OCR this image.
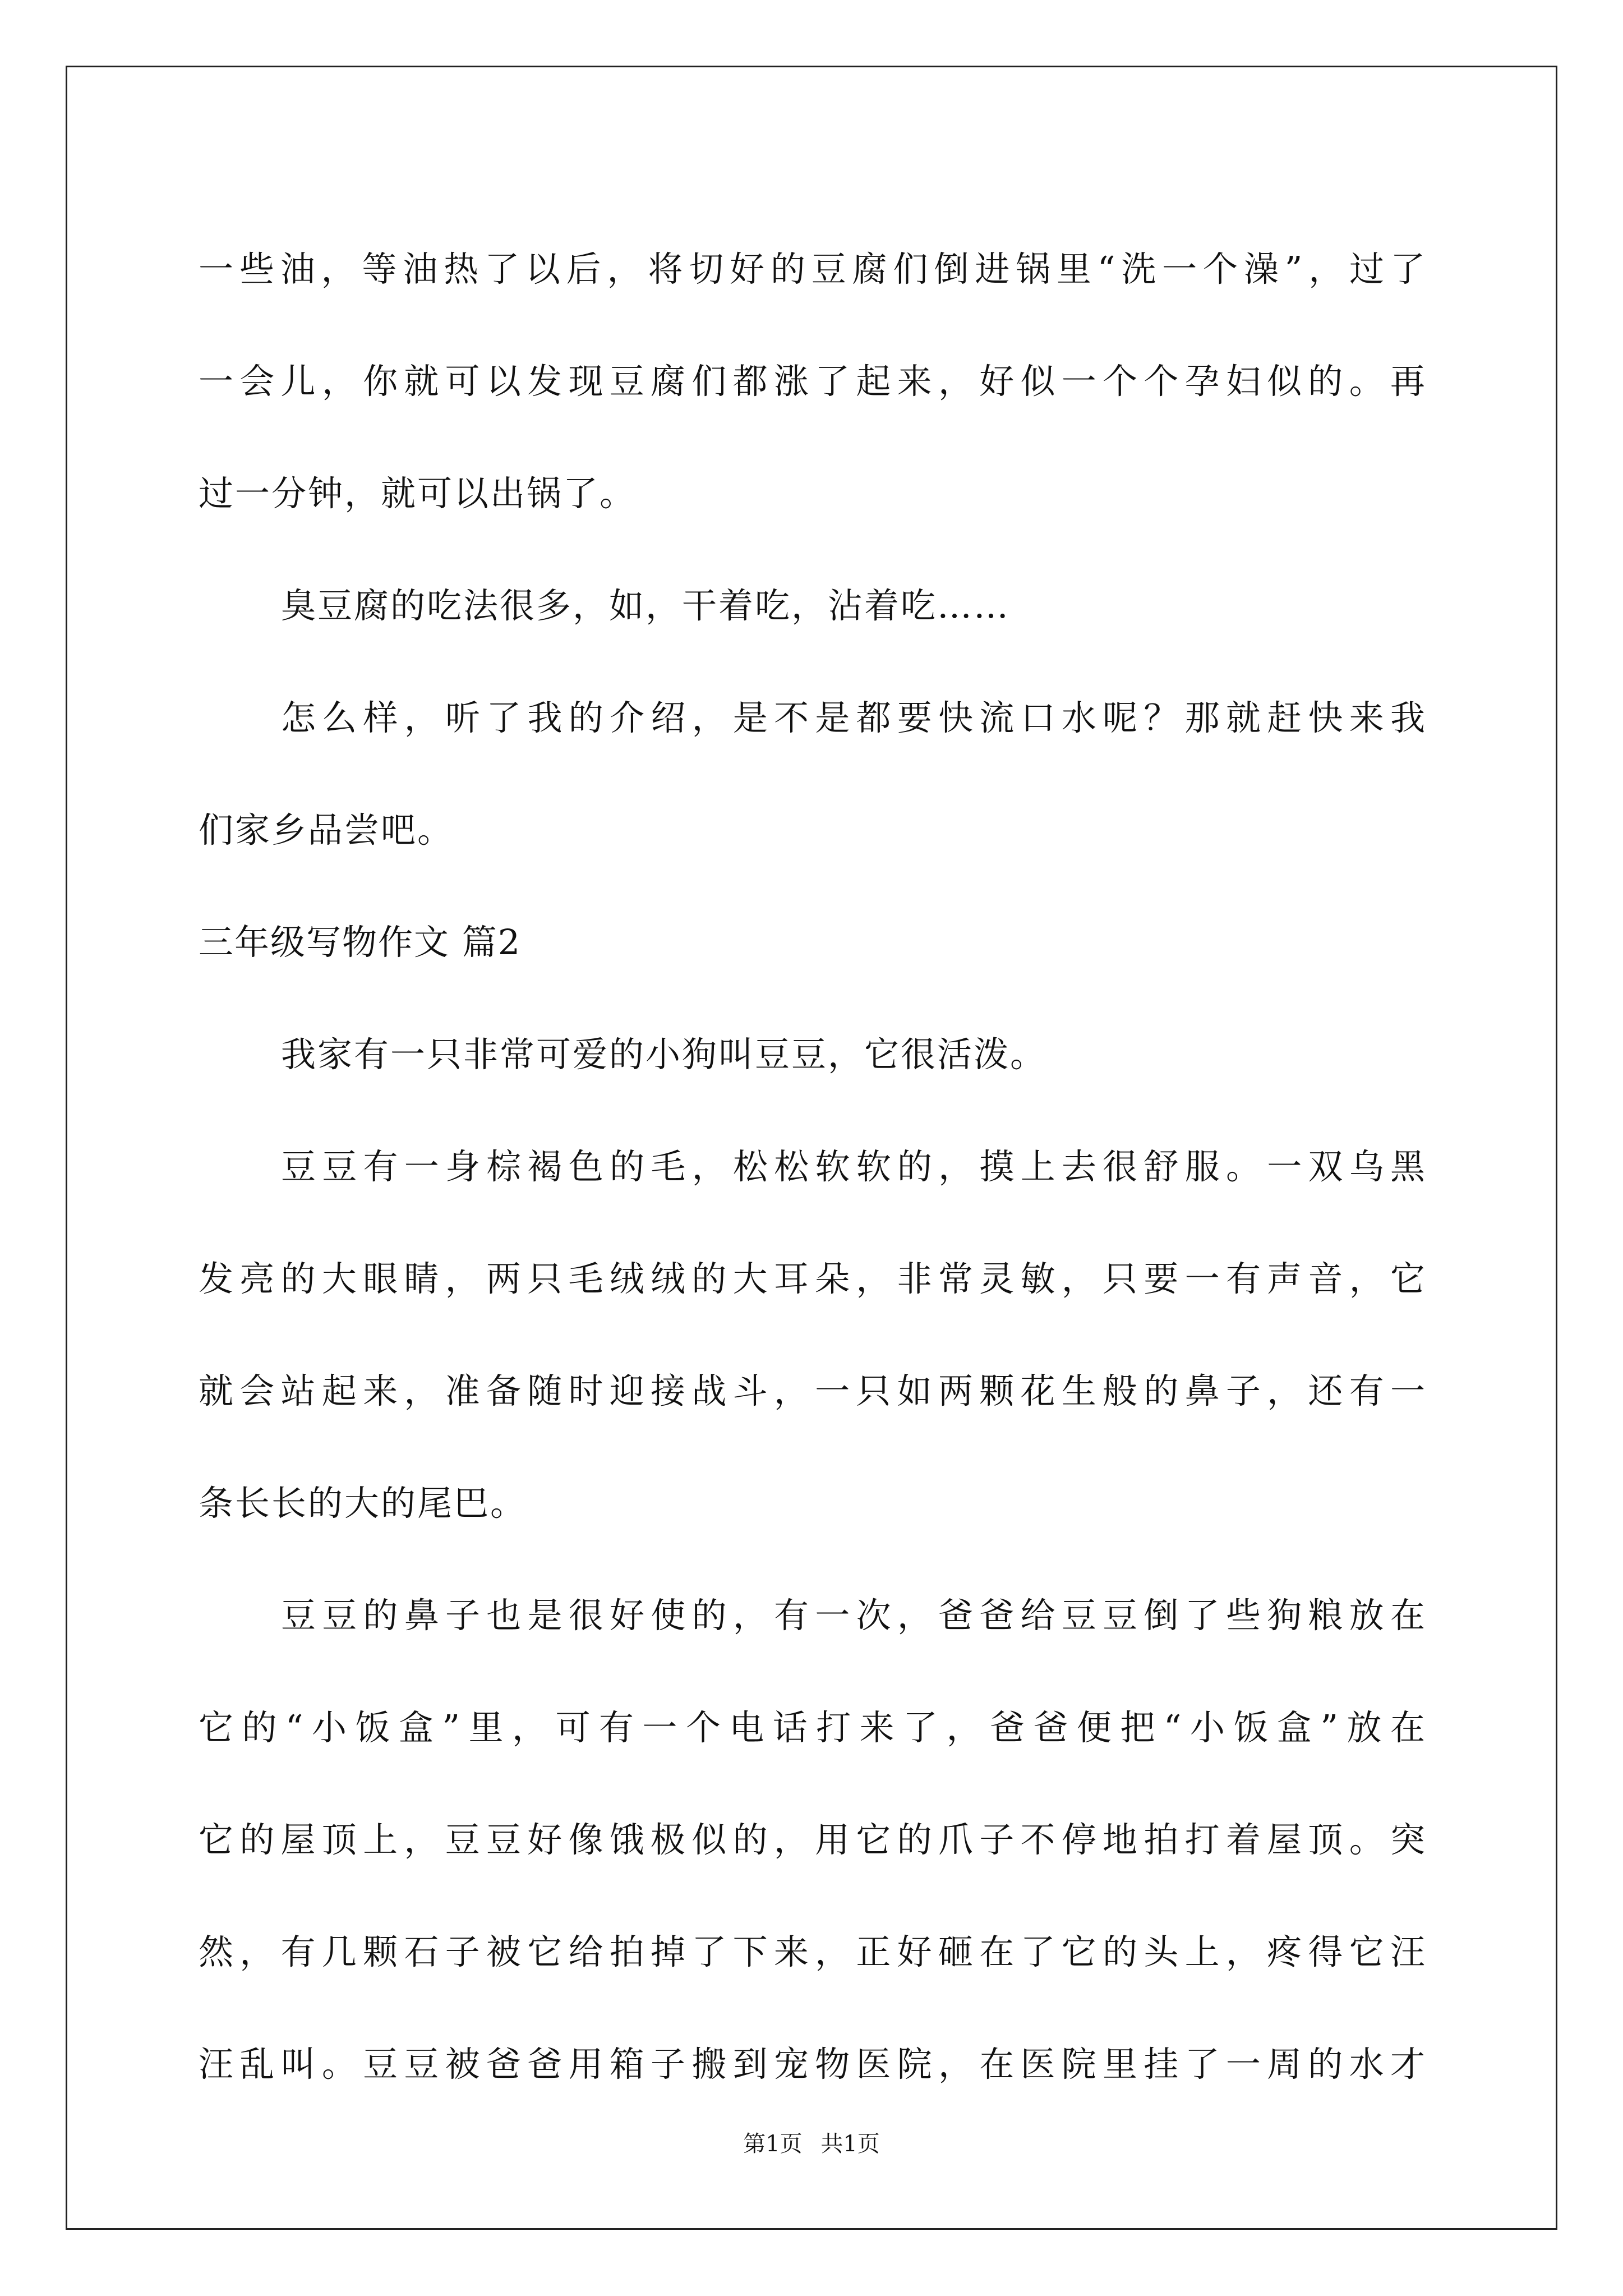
一些油，等油热了以后，将切好的豆腐们倒进锅里“洗一个澡”，过了
一会儿，你就可以发现豆腐们都涨了起来，好似一个个孕妇似的。再
过一分钟，就可以出锅了。
臭豆腐的吃法很多，如，干着吃，沾着吃……
怎么样，听了我的介绍，是不是都要快流口水呢？那就赶快来我
们家乡品尝吧。
三年级写物作文 篇2
我家有一只非常可爱的小狗叫豆豆，它很活泼。
豆豆有一身棕褐色的毛，松松软软的，摸上去很舒服。一双乌黑
发亮的大眼睛，两只毛绒绒的大耳朵，非常灵敏，只要一有声音，它
就会站起来，准备随时迎接战斗，一只如两颗花生般的鼻子，还有一
条长长的大的尾巴。
豆豆的鼻子也是很好使的，有一次，爸爸给豆豆倒了些狗粮放在
它的“小饭盒”里，可有一个电话打来了，爸爸便把“小饭盒”放在
它的屋顶上，豆豆好像饿极似的，用它的爪子不停地拍打着屋顶。突
然，有几颗石子被它给拍掉了下来，正好砸在了它的头上，疼得它汪
汪乱叫。豆豆被爸爸用箱子搬到宠物医院，在医院里挂了一周的水才
第1页 共1页
